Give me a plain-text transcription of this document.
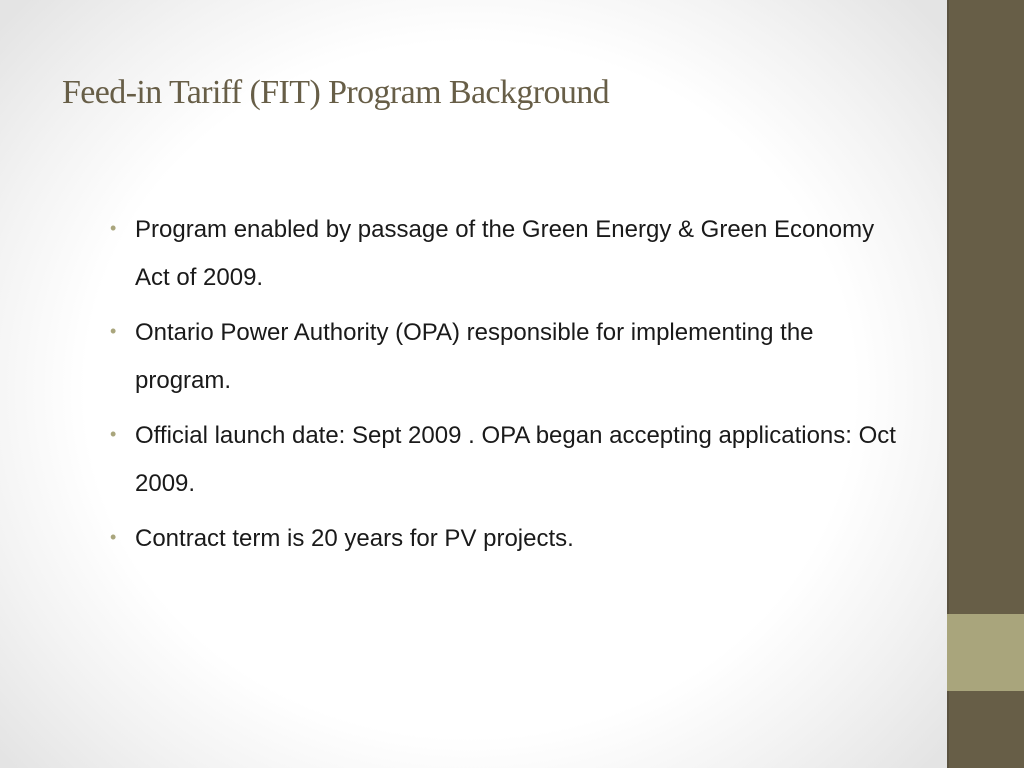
Feed-in Tariff (FIT) Program Background
• Program enabled by passage of the Green Energy & Green Economy Act of 2009.
• Ontario Power Authority (OPA) responsible for implementing the program.
• Official launch date: Sept 2009 . OPA began accepting applications: Oct 2009.
• Contract term is 20 years for PV projects.
